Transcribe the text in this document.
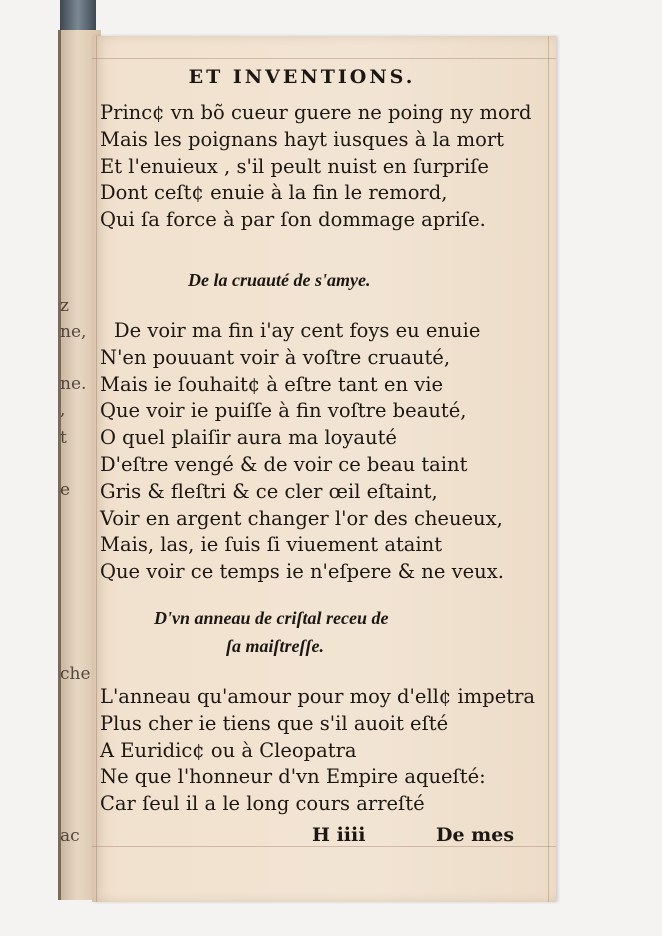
z
ne,
ne.
,
t
e
che
ac
ET INVENTIONS.
Princ¢ vn bõ cueur guere ne poing ny mord
Mais les poignans hayt iusques à la mort
Et l'enuieux , s'il peult nuist en ſurpriſe
Dont ceſt¢ enuie à la fin le remord,
Qui ſa force à par ſon dommage apriſe.
De la cruauté de s'amye.
De voir ma fin i'ay cent foys eu enuie
N'en pouuant voir à voſtre cruauté,
Mais ie ſouhait¢ à eſtre tant en vie
Que voir ie puiſſe à fin voſtre beauté,
O quel plaiſir aura ma loyauté
D'eſtre vengé & de voir ce beau taint
Gris & fleſtri & ce cler œil eſtaint,
Voir en argent changer l'or des cheueux,
Mais, las, ie ſuis ſi viuement ataint
Que voir ce temps ie n'eſpere & ne veux.
D'vn anneau de criſtal receu de
ſa maiſtreſſe.
L'anneau qu'amour pour moy d'ell¢ impetra
Plus cher ie tiens que s'il auoit eſté
A Euridic¢ ou à Cleopatra
Ne que l'honneur d'vn Empire aqueſté:
Car ſeul il a le long cours arreſté
H iiii	De mes
